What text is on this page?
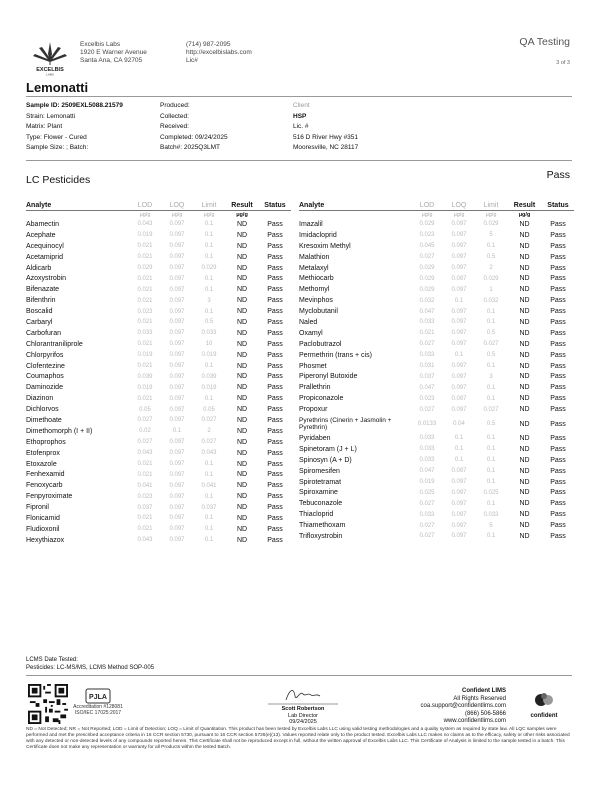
EXCELBIS
LABS
Excelbis Labs
1920 E Warner Avenue
Santa Ana, CA 92705
(714) 987-2095
http://excelbislabs.com
Lic#
QA Testing
3 of 3
Lemonatti
Sample ID: 2509EXL5088.21579
Strain: Lemonatti
Matrix: Plant
Type: Flower - Cured
Sample Size: ; Batch:
Produced:
Collected:
Received:
Completed: 09/24/2025
Batch#: 2025Q3LMT
Client
HSP
Lic. #
516 D River Hwy #351
Mooresville, NC 28117
LC Pesticides	Pass
Analyte	LOD	LOQ	Limit	Result	Status
	μg/g	μg/g	μg/g	μg/g	
Abamectin	0.043	0.097	0.1	ND	Pass
Acephate	0.019	0.097	0.1	ND	Pass
Acequinocyl	0.021	0.097	0.1	ND	Pass
Acetamiprid	0.021	0.097	0.1	ND	Pass
Aldicarb	0.029	0.097	0.029	ND	Pass
Azoxystrobin	0.021	0.097	0.1	ND	Pass
Bifenazate	0.021	0.097	0.1	ND	Pass
Bifenthrin	0.021	0.097	3	ND	Pass
Boscalid	0.023	0.097	0.1	ND	Pass
Carbaryl	0.021	0.097	0.5	ND	Pass
Carbofuran	0.033	0.097	0.033	ND	Pass
Chlorantraniliprole	0.021	0.097	10	ND	Pass
Chlorpyrifos	0.019	0.097	0.019	ND	Pass
Clofentezine	0.021	0.097	0.1	ND	Pass
Coumaphos	0.039	0.097	0.039	ND	Pass
Daminozide	0.019	0.097	0.019	ND	Pass
Diazinon	0.021	0.097	0.1	ND	Pass
Dichlorvos	0.05	0.097	0.05	ND	Pass
Dimethoate	0.027	0.097	0.027	ND	Pass
Dimethomorph (I + II)	0.02	0.1	2	ND	Pass
Ethoprophos	0.027	0.097	0.027	ND	Pass
Etofenprox	0.043	0.097	0.043	ND	Pass
Etoxazole	0.021	0.097	0.1	ND	Pass
Fenhexamid	0.021	0.097	0.1	ND	Pass
Fenoxycarb	0.041	0.097	0.041	ND	Pass
Fenpyroximate	0.023	0.097	0.1	ND	Pass
Fipronil	0.037	0.097	0.037	ND	Pass
Flonicamid	0.021	0.097	0.1	ND	Pass
Fludioxonil	0.021	0.097	0.1	ND	Pass
Hexythiazox	0.043	0.097	0.1	ND	Pass
Analyte	LOD	LOQ	Limit	Result	Status
	μg/g	μg/g	μg/g	μg/g	
Imazalil	0.029	0.097	0.029	ND	Pass
Imidacloprid	0.023	0.097	5	ND	Pass
Kresoxim Methyl	0.045	0.097	0.1	ND	Pass
Malathion	0.027	0.097	0.5	ND	Pass
Metalaxyl	0.029	0.097	2	ND	Pass
Methiocarb	0.029	0.097	0.029	ND	Pass
Methomyl	0.029	0.097	1	ND	Pass
Mevinphos	0.032	0.1	0.032	ND	Pass
Myclobutanil	0.047	0.097	0.1	ND	Pass
Naled	0.033	0.097	0.1	ND	Pass
Oxamyl	0.021	0.097	0.5	ND	Pass
Paclobutrazol	0.027	0.097	0.027	ND	Pass
Permethrin (trans + cis)	0.033	0.1	0.5	ND	Pass
Phosmet	0.031	0.097	0.1	ND	Pass
Piperonyl Butoxide	0.037	0.097	3	ND	Pass
Prallethrin	0.047	0.097	0.1	ND	Pass
Propiconazole	0.023	0.097	0.1	ND	Pass
Propoxur	0.027	0.097	0.027	ND	Pass
Pyrethrins (Cinerin + Jasmolin + Pyrethrin)	0.0133	0.04	0.5	ND	Pass
Pyridaben	0.033	0.1	0.1	ND	Pass
Spinetoram (J + L)	0.033	0.1	0.1	ND	Pass
Spinosyn (A + D)	0.033	0.1	0.1	ND	Pass
Spiromesifen	0.047	0.097	0.1	ND	Pass
Spirotetramat	0.019	0.097	0.1	ND	Pass
Spiroxamine	0.025	0.097	0.025	ND	Pass
Tebuconazole	0.027	0.097	0.1	ND	Pass
Thiacloprid	0.033	0.097	0.033	ND	Pass
Thiamethoxam	0.027	0.097	5	ND	Pass
Trifloxystrobin	0.027	0.097	0.1	ND	Pass
LCMS Date Tested:
Pesticides: LC-MS/MS, LCMS Method SOP-005
PJLA
Accreditation #128081
ISO/IEC 17025:2017
Scott Robertson
Lab Director
09/24/2025
Confident LIMS
All Rights Reserved
coa.support@confidentlims.com
(866) 506-5866
www.confidentlims.com
confident
ND = Not Detected; NR = Not Reported; LOD = Limit of Detection; LOQ = Limit of Quantitation. This product has been tested by Excelbis Labs LLC using valid testing methodologies and a quality system as required by state law. All LQC samples were performed and met the prescribed acceptance criteria in 16 CCR section 5730, pursuant to 16 CCR section 5726(e)(13). Values reported relate only to the product tested. Excelbis Labs LLC makes no claims as to the efficacy, safety or other risks associated with any detected or non-detected levels of any compounds reported herein. This Certificate shall not be reproduced except in full, without the written approval of Excelbis Labs LLC. This Certificate of Analysis is limited to the sample tested in a batch. This Certificate does not make any representation or warranty for all Products within the tested Batch.
